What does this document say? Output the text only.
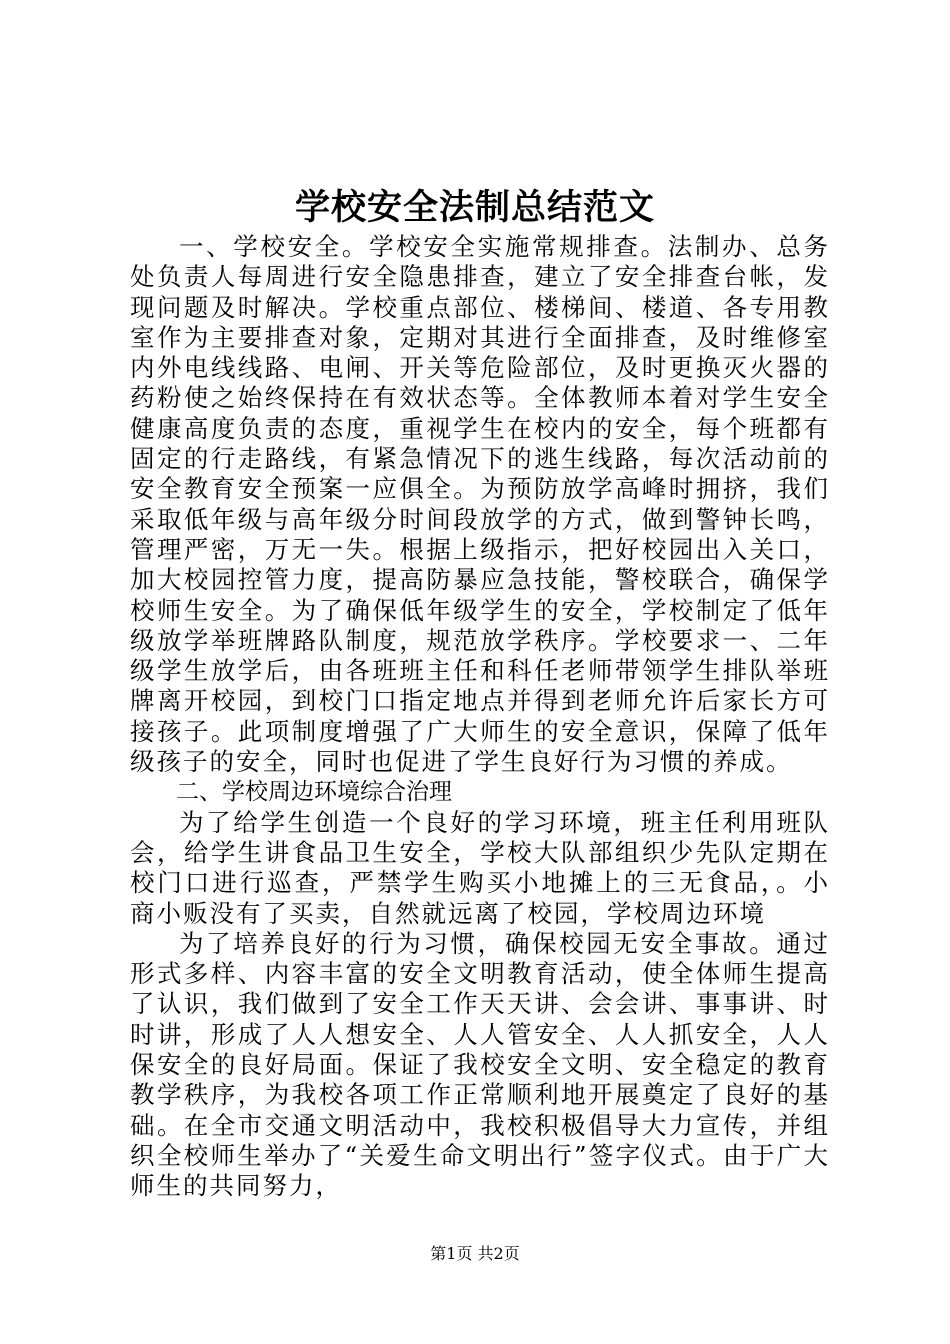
学校安全法制总结范文

一、学校安全。学校安全实施常规排查。法制办、总务处负责人每周进行安全隐患排查，建立了安全排查台帐，发现问题及时解决。学校重点部位、楼梯间、楼道、各专用教室作为主要排查对象，定期对其进行全面排查，及时维修室内外电线线路、电闸、开关等危险部位，及时更换灭火器的药粉使之始终保持在有效状态等。全体教师本着对学生安全健康高度负责的态度，重视学生在校内的安全，每个班都有固定的行走路线，有紧急情况下的逃生线路，每次活动前的安全教育安全预案一应俱全。为预防放学高峰时拥挤，我们采取低年级与高年级分时间段放学的方式，做到警钟长鸣，管理严密，万无一失。根据上级指示，把好校园出入关口，加大校园控管力度，提高防暴应急技能，警校联合，确保学校师生安全。为了确保低年级学生的安全，学校制定了低年级放学举班牌路队制度，规范放学秩序。学校要求一、二年级学生放学后，由各班班主任和科任老师带领学生排队举班牌离开校园，到校门口指定地点并得到老师允许后家长方可接孩子。此项制度增强了广大师生的安全意识，保障了低年级孩子的安全，同时也促进了学生良好行为习惯的养成。

二、学校周边环境综合治理

为了给学生创造一个良好的学习环境，班主任利用班队会，给学生讲食品卫生安全，学校大队部组织少先队定期在校门口进行巡查，严禁学生购买小地摊上的三无食品，。小商小贩没有了买卖，自然就远离了校园，学校周边环境

为了培养良好的行为习惯，确保校园无安全事故。通过形式多样、内容丰富的安全文明教育活动，使全体师生提高了认识，我们做到了安全工作天天讲、会会讲、事事讲、时时讲，形成了人人想安全、人人管安全、人人抓安全，人人保安全的良好局面。保证了我校安全文明、安全稳定的教育教学秩序，为我校各项工作正常顺利地开展奠定了良好的基础。在全市交通文明活动中，我校积极倡导大力宣传，并组织全校师生举办了“关爱生命文明出行”签字仪式。由于广大师生的共同努力，

第1页 共2页
